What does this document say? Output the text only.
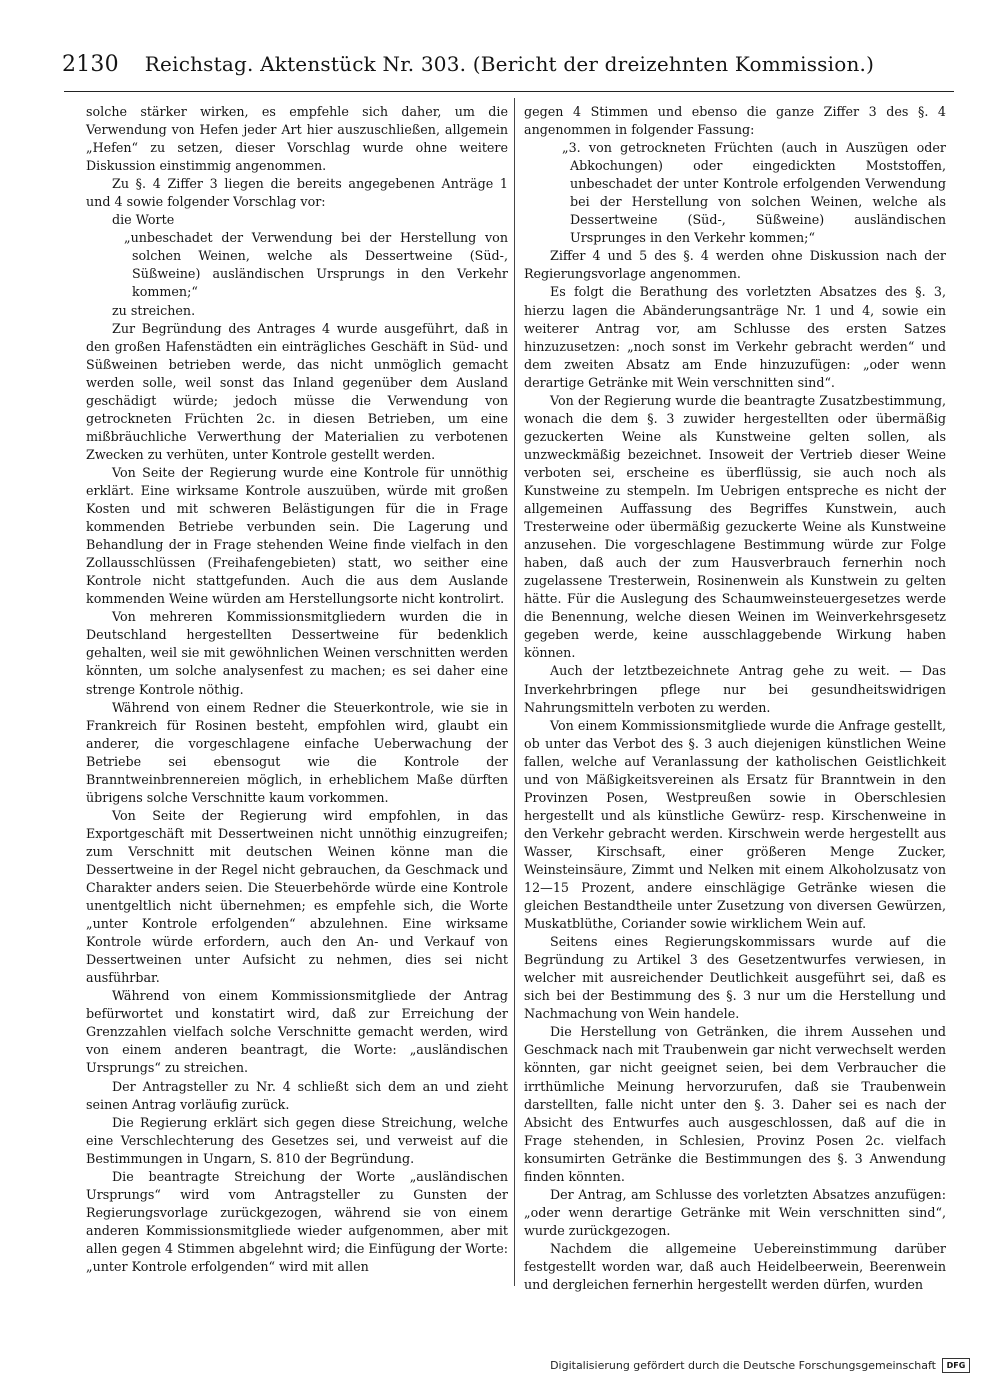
2130 Reichstag. Aktenstück Nr. 303. (Bericht der dreizehnten Kommission.)

solche stärker wirken, es empfehle sich daher, um die Verwendung von Hefen jeder Art hier auszuschließen, allgemein „Hefen“ zu setzen, dieser Vorschlag wurde ohne weitere Diskussion einstimmig angenommen.

Zu §. 4 Ziffer 3 liegen die bereits angegebenen Anträge 1 und 4 sowie folgender Vorschlag vor:

die Worte

„unbeschadet der Verwendung bei der Herstellung von solchen Weinen, welche als Dessertweine (Süd-, Süßweine) ausländischen Ursprungs in den Verkehr kommen;“

zu streichen.

Zur Begründung des Antrages 4 wurde ausgeführt, daß in den großen Hafenstädten ein einträgliches Geschäft in Süd- und Süßweinen betrieben werde, das nicht unmöglich gemacht werden solle, weil sonst das Inland gegenüber dem Ausland geschädigt würde; jedoch müsse die Verwendung von getrockneten Früchten 2c. in diesen Betrieben, um eine mißbräuchliche Verwerthung der Materialien zu verbotenen Zwecken zu verhüten, unter Kontrole gestellt werden.

Von Seite der Regierung wurde eine Kontrole für unnöthig erklärt. Eine wirksame Kontrole auszuüben, würde mit großen Kosten und mit schweren Belästigungen für die in Frage kommenden Betriebe verbunden sein. Die Lagerung und Behandlung der in Frage stehenden Weine finde vielfach in den Zollausschlüssen (Freihafengebieten) statt, wo seither eine Kontrole nicht stattgefunden. Auch die aus dem Auslande kommenden Weine würden am Herstellungsorte nicht kontrolirt.

Von mehreren Kommissionsmitgliedern wurden die in Deutschland hergestellten Dessertweine für bedenklich gehalten, weil sie mit gewöhnlichen Weinen verschnitten werden könnten, um solche analysenfest zu machen; es sei daher eine strenge Kontrole nöthig.

Während von einem Redner die Steuerkontrole, wie sie in Frankreich für Rosinen besteht, empfohlen wird, glaubt ein anderer, die vorgeschlagene einfache Ueberwachung der Betriebe sei ebensogut wie die Kontrole der Branntweinbrennereien möglich, in erheblichem Maße dürften übrigens solche Verschnitte kaum vorkommen.

Von Seite der Regierung wird empfohlen, in das Exportgeschäft mit Dessertweinen nicht unnöthig einzugreifen; zum Verschnitt mit deutschen Weinen könne man die Dessertweine in der Regel nicht gebrauchen, da Geschmack und Charakter anders seien. Die Steuerbehörde würde eine Kontrole unentgeltlich nicht übernehmen; es empfehle sich, die Worte „unter Kontrole erfolgenden“ abzulehnen. Eine wirksame Kontrole würde erfordern, auch den An- und Verkauf von Dessertweinen unter Aufsicht zu nehmen, dies sei nicht ausführbar.

Während von einem Kommissionsmitgliede der Antrag befürwortet und konstatirt wird, daß zur Erreichung der Grenzzahlen vielfach solche Verschnitte gemacht werden, wird von einem anderen beantragt, die Worte: „ausländischen Ursprungs“ zu streichen.

Der Antragsteller zu Nr. 4 schließt sich dem an und zieht seinen Antrag vorläufig zurück.

Die Regierung erklärt sich gegen diese Streichung, welche eine Verschlechterung des Gesetzes sei, und verweist auf die Bestimmungen in Ungarn, S. 810 der Begründung.

Die beantragte Streichung der Worte „ausländischen Ursprungs“ wird vom Antragsteller zu Gunsten der Regierungsvorlage zurückgezogen, während sie von einem anderen Kommissionsmitgliede wieder aufgenommen, aber mit allen gegen 4 Stimmen abgelehnt wird; die Einfügung der Worte: „unter Kontrole erfolgenden“ wird mit allen

gegen 4 Stimmen und ebenso die ganze Ziffer 3 des §. 4 angenommen in folgender Fassung:

„3. von getrockneten Früchten (auch in Auszügen oder Abkochungen) oder eingedickten Moststoffen, unbeschadet der unter Kontrole erfolgenden Verwendung bei der Herstellung von solchen Weinen, welche als Dessertweine (Süd-, Süßweine) ausländischen Ursprunges in den Verkehr kommen;“

Ziffer 4 und 5 des §. 4 werden ohne Diskussion nach der Regierungsvorlage angenommen.

Es folgt die Berathung des vorletzten Absatzes des §. 3, hierzu lagen die Abänderungsanträge Nr. 1 und 4, sowie ein weiterer Antrag vor, am Schlusse des ersten Satzes hinzuzusetzen: „noch sonst im Verkehr gebracht werden“ und dem zweiten Absatz am Ende hinzuzufügen: „oder wenn derartige Getränke mit Wein verschnitten sind“.

Von der Regierung wurde die beantragte Zusatzbestimmung, wonach die dem §. 3 zuwider hergestellten oder übermäßig gezuckerten Weine als Kunstweine gelten sollen, als unzweckmäßig bezeichnet. Insoweit der Vertrieb dieser Weine verboten sei, erscheine es überflüssig, sie auch noch als Kunstweine zu stempeln. Im Uebrigen entspreche es nicht der allgemeinen Auffassung des Begriffes Kunstwein, auch Tresterweine oder übermäßig gezuckerte Weine als Kunstweine anzusehen. Die vorgeschlagene Bestimmung würde zur Folge haben, daß auch der zum Hausverbrauch fernerhin noch zugelassene Tresterwein, Rosinenwein als Kunstwein zu gelten hätte. Für die Auslegung des Schaumweinsteuergesetzes werde die Benennung, welche diesen Weinen im Weinverkehrsgesetz gegeben werde, keine ausschlaggebende Wirkung haben können.

Auch der letztbezeichnete Antrag gehe zu weit. — Das Inverkehrbringen pflege nur bei gesundheitswidrigen Nahrungsmitteln verboten zu werden.

Von einem Kommissionsmitgliede wurde die Anfrage gestellt, ob unter das Verbot des §. 3 auch diejenigen künstlichen Weine fallen, welche auf Veranlassung der katholischen Geistlichkeit und von Mäßigkeitsvereinen als Ersatz für Branntwein in den Provinzen Posen, Westpreußen sowie in Oberschlesien hergestellt und als künstliche Gewürz- resp. Kirschenweine in den Verkehr gebracht werden. Kirschwein werde hergestellt aus Wasser, Kirschsaft, einer größeren Menge Zucker, Weinsteinsäure, Zimmt und Nelken mit einem Alkoholzusatz von 12—15 Prozent, andere einschlägige Getränke wiesen die gleichen Bestandtheile unter Zusetzung von diversen Gewürzen, Muskatblüthe, Coriander sowie wirklichem Wein auf.

Seitens eines Regierungskommissars wurde auf die Begründung zu Artikel 3 des Gesetzentwurfes verwiesen, in welcher mit ausreichender Deutlichkeit ausgeführt sei, daß es sich bei der Bestimmung des §. 3 nur um die Herstellung und Nachmachung von Wein handele.

Die Herstellung von Getränken, die ihrem Aussehen und Geschmack nach mit Traubenwein gar nicht verwechselt werden könnten, gar nicht geeignet seien, bei dem Verbraucher die irrthümliche Meinung hervorzurufen, daß sie Traubenwein darstellten, falle nicht unter den §. 3. Daher sei es nach der Absicht des Entwurfes auch ausgeschlossen, daß auf die in Frage stehenden, in Schlesien, Provinz Posen 2c. vielfach konsumirten Getränke die Bestimmungen des §. 3 Anwendung finden könnten.

Der Antrag, am Schlusse des vorletzten Absatzes anzufügen: „oder wenn derartige Getränke mit Wein verschnitten sind“, wurde zurückgezogen.

Nachdem die allgemeine Uebereinstimmung darüber festgestellt worden war, daß auch Heidelbeerwein, Beerenwein und dergleichen fernerhin hergestellt werden dürfen, wurden

Digitalisierung gefördert durch die Deutsche Forschungsgemeinschaft	DFG
